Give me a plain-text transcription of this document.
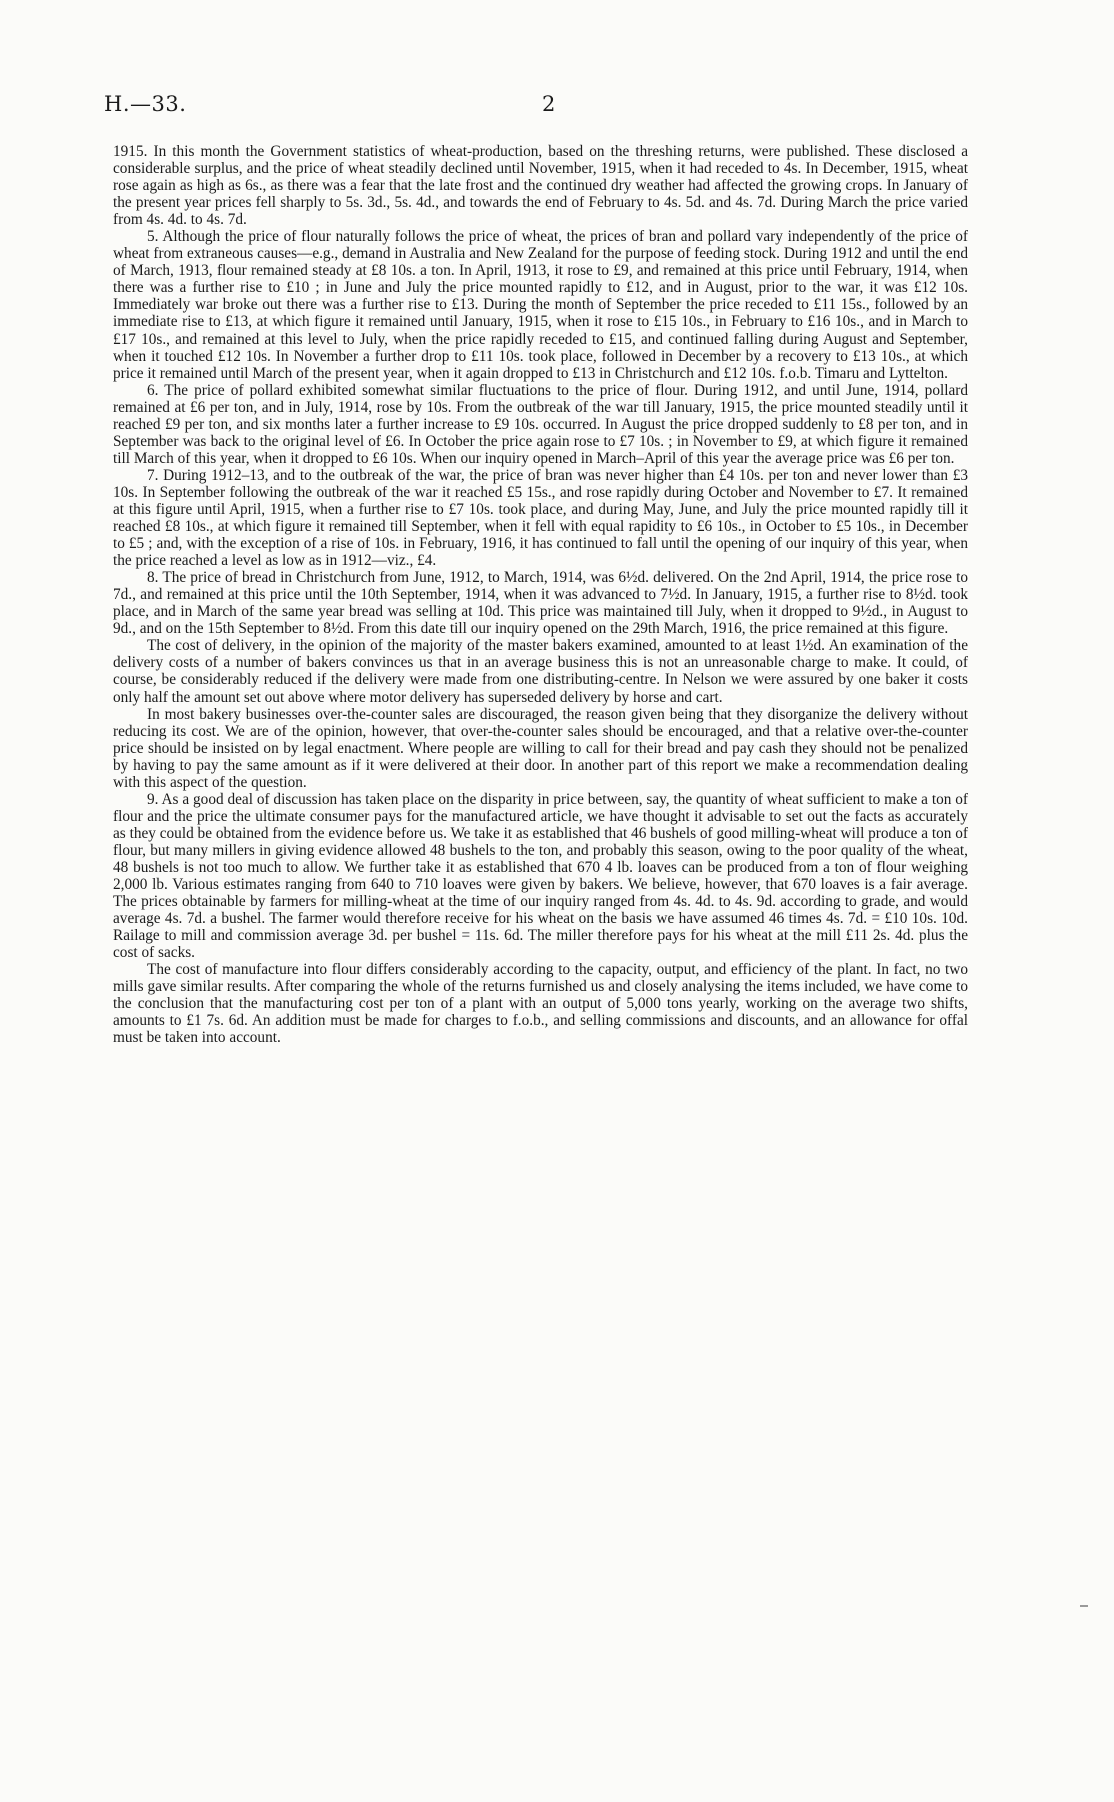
H.—33.	2

1915. In this month the Government statistics of wheat-production, based on the threshing returns, were published. These disclosed a considerable surplus, and the price of wheat steadily declined until November, 1915, when it had receded to 4s. In December, 1915, wheat rose again as high as 6s., as there was a fear that the late frost and the continued dry weather had affected the growing crops. In January of the present year prices fell sharply to 5s. 3d., 5s. 4d., and towards the end of February to 4s. 5d. and 4s. 7d. During March the price varied from 4s. 4d. to 4s. 7d.

5. Although the price of flour naturally follows the price of wheat, the prices of bran and pollard vary independently of the price of wheat from extraneous causes—e.g., demand in Australia and New Zealand for the purpose of feeding stock. During 1912 and until the end of March, 1913, flour remained steady at £8 10s. a ton. In April, 1913, it rose to £9, and remained at this price until February, 1914, when there was a further rise to £10 ; in June and July the price mounted rapidly to £12, and in August, prior to the war, it was £12 10s. Immediately war broke out there was a further rise to £13. During the month of September the price receded to £11 15s., followed by an immediate rise to £13, at which figure it remained until January, 1915, when it rose to £15 10s., in February to £16 10s., and in March to £17 10s., and remained at this level to July, when the price rapidly receded to £15, and continued falling during August and September, when it touched £12 10s. In November a further drop to £11 10s. took place, followed in December by a recovery to £13 10s., at which price it remained until March of the present year, when it again dropped to £13 in Christchurch and £12 10s. f.o.b. Timaru and Lyttelton.

6. The price of pollard exhibited somewhat similar fluctuations to the price of flour. During 1912, and until June, 1914, pollard remained at £6 per ton, and in July, 1914, rose by 10s. From the outbreak of the war till January, 1915, the price mounted steadily until it reached £9 per ton, and six months later a further increase to £9 10s. occurred. In August the price dropped suddenly to £8 per ton, and in September was back to the original level of £6. In October the price again rose to £7 10s. ; in November to £9, at which figure it remained till March of this year, when it dropped to £6 10s. When our inquiry opened in March–April of this year the average price was £6 per ton.

7. During 1912–13, and to the outbreak of the war, the price of bran was never higher than £4 10s. per ton and never lower than £3 10s. In September following the outbreak of the war it reached £5 15s., and rose rapidly during October and November to £7. It remained at this figure until April, 1915, when a further rise to £7 10s. took place, and during May, June, and July the price mounted rapidly till it reached £8 10s., at which figure it remained till September, when it fell with equal rapidity to £6 10s., in October to £5 10s., in December to £5 ; and, with the exception of a rise of 10s. in February, 1916, it has continued to fall until the opening of our inquiry of this year, when the price reached a level as low as in 1912—viz., £4.

8. The price of bread in Christchurch from June, 1912, to March, 1914, was 6½d. delivered. On the 2nd April, 1914, the price rose to 7d., and remained at this price until the 10th September, 1914, when it was advanced to 7½d. In January, 1915, a further rise to 8½d. took place, and in March of the same year bread was selling at 10d. This price was maintained till July, when it dropped to 9½d., in August to 9d., and on the 15th September to 8½d. From this date till our inquiry opened on the 29th March, 1916, the price remained at this figure.

The cost of delivery, in the opinion of the majority of the master bakers examined, amounted to at least 1½d. An examination of the delivery costs of a number of bakers convinces us that in an average business this is not an unreasonable charge to make. It could, of course, be considerably reduced if the delivery were made from one distributing-centre. In Nelson we were assured by one baker it costs only half the amount set out above where motor delivery has superseded delivery by horse and cart.

In most bakery businesses over-the-counter sales are discouraged, the reason given being that they disorganize the delivery without reducing its cost. We are of the opinion, however, that over-the-counter sales should be encouraged, and that a relative over-the-counter price should be insisted on by legal enactment. Where people are willing to call for their bread and pay cash they should not be penalized by having to pay the same amount as if it were delivered at their door. In another part of this report we make a recommendation dealing with this aspect of the question.

9. As a good deal of discussion has taken place on the disparity in price between, say, the quantity of wheat sufficient to make a ton of flour and the price the ultimate consumer pays for the manufactured article, we have thought it advisable to set out the facts as accurately as they could be obtained from the evidence before us. We take it as established that 46 bushels of good milling-wheat will produce a ton of flour, but many millers in giving evidence allowed 48 bushels to the ton, and probably this season, owing to the poor quality of the wheat, 48 bushels is not too much to allow. We further take it as established that 670 4 lb. loaves can be produced from a ton of flour weighing 2,000 lb. Various estimates ranging from 640 to 710 loaves were given by bakers. We believe, however, that 670 loaves is a fair average. The prices obtainable by farmers for milling-wheat at the time of our inquiry ranged from 4s. 4d. to 4s. 9d. according to grade, and would average 4s. 7d. a bushel. The farmer would therefore receive for his wheat on the basis we have assumed 46 times 4s. 7d. = £10 10s. 10d. Railage to mill and commission average 3d. per bushel = 11s. 6d. The miller therefore pays for his wheat at the mill £11 2s. 4d. plus the cost of sacks.

The cost of manufacture into flour differs considerably according to the capacity, output, and efficiency of the plant. In fact, no two mills gave similar results. After comparing the whole of the returns furnished us and closely analysing the items included, we have come to the conclusion that the manufacturing cost per ton of a plant with an output of 5,000 tons yearly, working on the average two shifts, amounts to £1 7s. 6d. An addition must be made for charges to f.o.b., and selling commissions and discounts, and an allowance for offal must be taken into account.
